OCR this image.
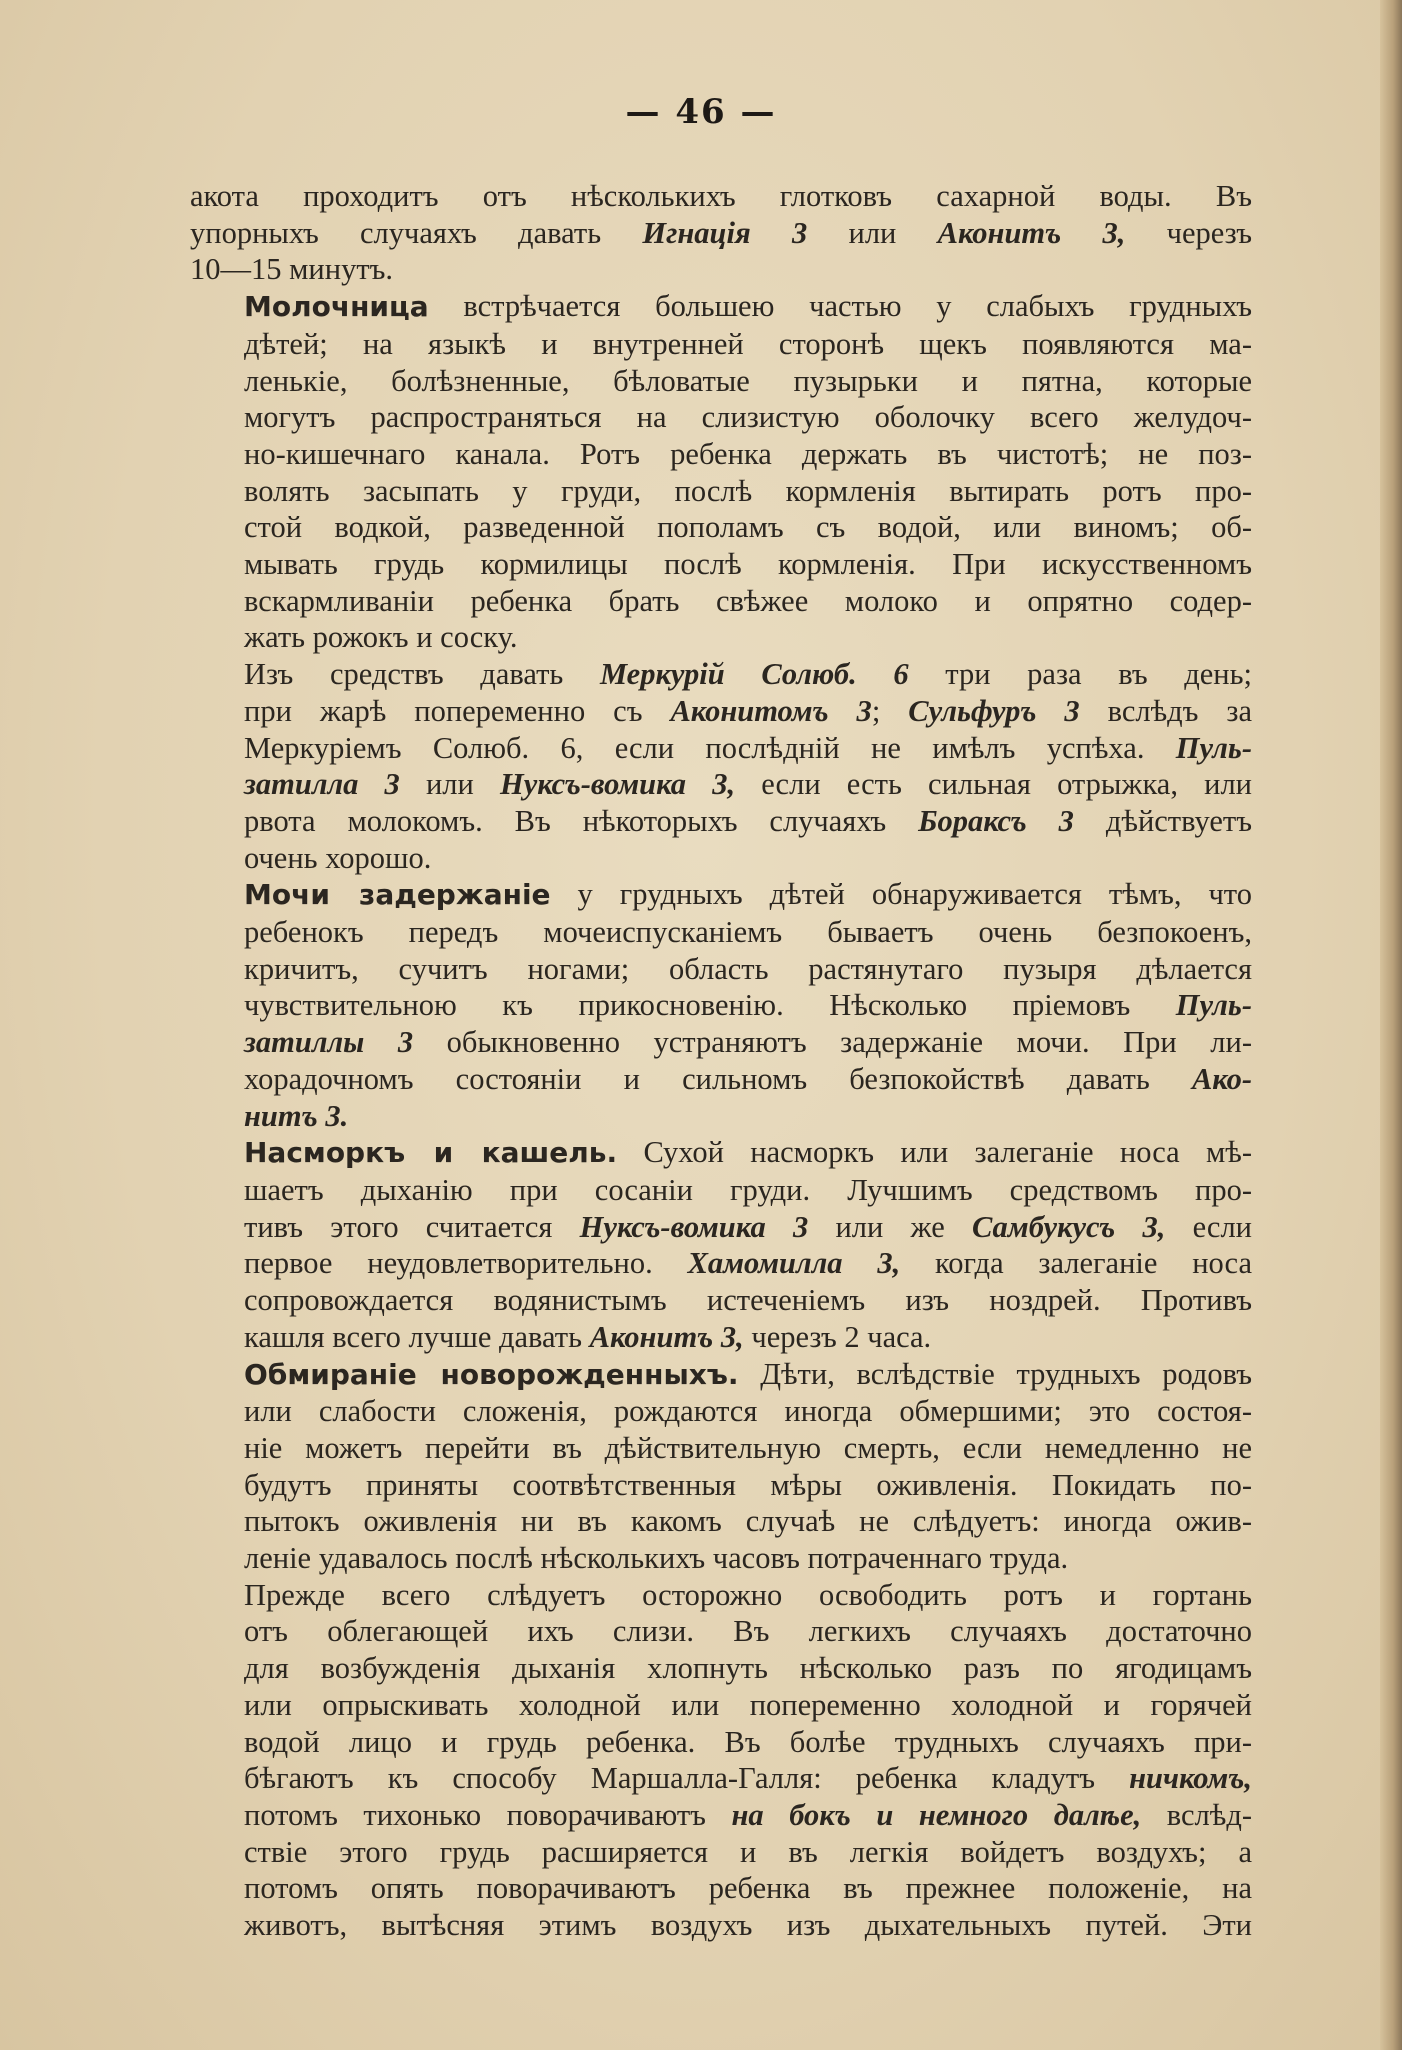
— 46 —

акота проходитъ отъ нѣсколькихъ глотковъ сахарной воды. Въ
упорныхъ случаяхъ давать Игнація 3 или Аконитъ 3, черезъ
10—15 минутъ.

Молочница встрѣчается большею частью у слабыхъ грудныхъ
дѣтей; на языкѣ и внутренней сторонѣ щекъ появляются ма-
ленькіе, болѣзненные, бѣловатые пузырьки и пятна, которые
могутъ распространяться на слизистую оболочку всего желудоч-
но-кишечнаго канала. Ротъ ребенка держать въ чистотѣ; не поз-
волять засыпать у груди, послѣ кормленія вытирать ротъ про-
стой водкой, разведенной пополамъ съ водой, или виномъ; об-
мывать грудь кормилицы послѣ кормленія. При искусственномъ
вскармливаніи ребенка брать свѣжее молоко и опрятно содер-
жать рожокъ и соску.

Изъ средствъ давать Меркурій Солюб. 6 три раза въ день;
при жарѣ попеременно съ Аконитомъ 3; Сульфуръ 3 вслѣдъ за
Меркуріемъ Солюб. 6, если послѣдній не имѣлъ успѣха. Пуль-
затилла 3 или Нуксъ-вомика 3, если есть сильная отрыжка, или
рвота молокомъ. Въ нѣкоторыхъ случаяхъ Бораксъ 3 дѣйствуетъ
очень хорошо.

Мочи задержаніе у грудныхъ дѣтей обнаруживается тѣмъ, что
ребенокъ передъ мочеиспусканіемъ бываетъ очень безпокоенъ,
кричитъ, сучитъ ногами; область растянутаго пузыря дѣлается
чувствительною къ прикосновенію. Нѣсколько пріемовъ Пуль-
затиллы 3 обыкновенно устраняютъ задержаніе мочи. При ли-
хорадочномъ состояніи и сильномъ безпокойствѣ давать Ако-
нитъ 3.

Насморкъ и кашель. Сухой насморкъ или залеганіе носа мѣ-
шаетъ дыханію при сосаніи груди. Лучшимъ средствомъ про-
тивъ этого считается Нуксъ-вомика 3 или же Самбукусъ 3, если
первое неудовлетворительно. Хамомилла 3, когда залеганіе носа
сопровождается водянистымъ истеченіемъ изъ ноздрей. Противъ
кашля всего лучше давать Аконитъ 3, черезъ 2 часа.

Обмираніе новорожденныхъ. Дѣти, вслѣдствіе трудныхъ родовъ
или слабости сложенія, рождаются иногда обмершими; это состоя-
ніе можетъ перейти въ дѣйствительную смерть, если немедленно не
будутъ приняты соотвѣтственныя мѣры оживленія. Покидать по-
пытокъ оживленія ни въ какомъ случаѣ не слѣдуетъ: иногда ожив-
леніе удавалось послѣ нѣсколькихъ часовъ потраченнаго труда.

Прежде всего слѣдуетъ осторожно освободить ротъ и гортань
отъ облегающей ихъ слизи. Въ легкихъ случаяхъ достаточно
для возбужденія дыханія хлопнуть нѣсколько разъ по ягодицамъ
или опрыскивать холодной или попеременно холодной и горячей
водой лицо и грудь ребенка. Въ болѣе трудныхъ случаяхъ при-
бѣгаютъ къ способу Маршалла-Галля: ребенка кладутъ ничкомъ,
потомъ тихонько поворачиваютъ на бокъ и немного далѣе, вслѣд-
ствіе этого грудь расширяется и въ легкія войдетъ воздухъ; а
потомъ опять поворачиваютъ ребенка въ прежнее положеніе, на
животъ, вытѣсняя этимъ воздухъ изъ дыхательныхъ путей. Эти
